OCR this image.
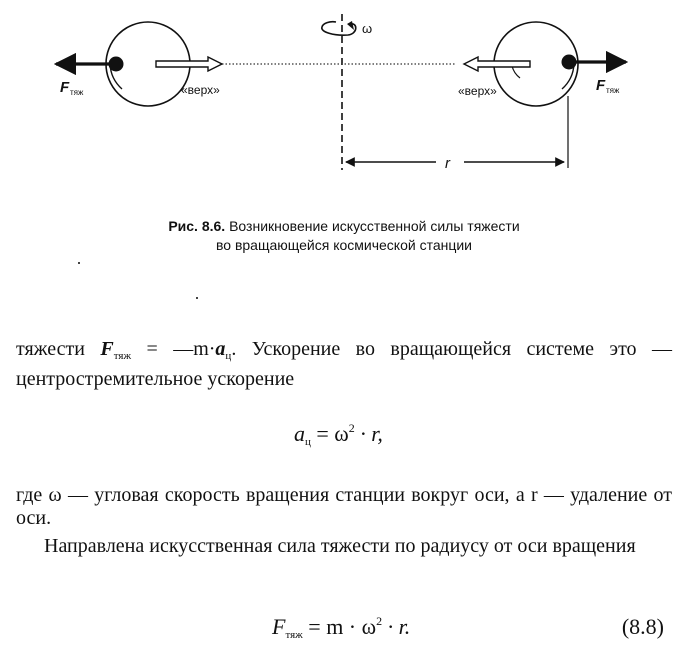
ω
F тяж	«верх»	F тяж
«верх»
r
Рис. 8.6. Возникновение искусственной силы тяжести
во вращающейся космической станции
тяжести $F_{тяж}$ = $—m\cdot a_ц$. Ускорение во вращающейся системе это —
центростремительное ускорение
$a_ц = \omega^2 \cdot r$,
где ω — угловая скорость вращения станции вокруг оси, а r — удаление от оси.
Направлена искусственная сила тяжести по радиусу от оси вращения
$F_{тяж} = m \cdot \omega^2 \cdot r$.	(8.8)
